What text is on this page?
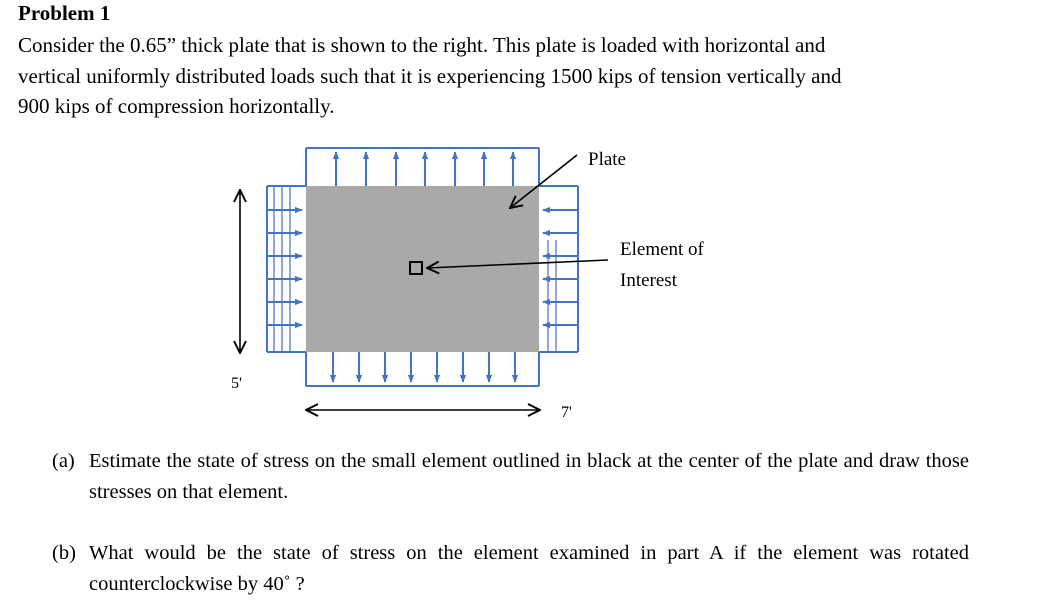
Problem 1

Consider the 0.65” thick plate that is shown to the right. This plate is loaded with horizontal and

vertical uniformly distributed loads such that it is experiencing 1500 kips of tension vertically and

900 kips of compression horizontally.

Plate
Element of
Interest
5'
7'
(a) Estimate the state of stress on the small element outlined in black at the center of the plate and draw those stresses on that element.
(b) What would be the state of stress on the element examined in part A if the element was rotated counterclockwise by 40˚ ?
